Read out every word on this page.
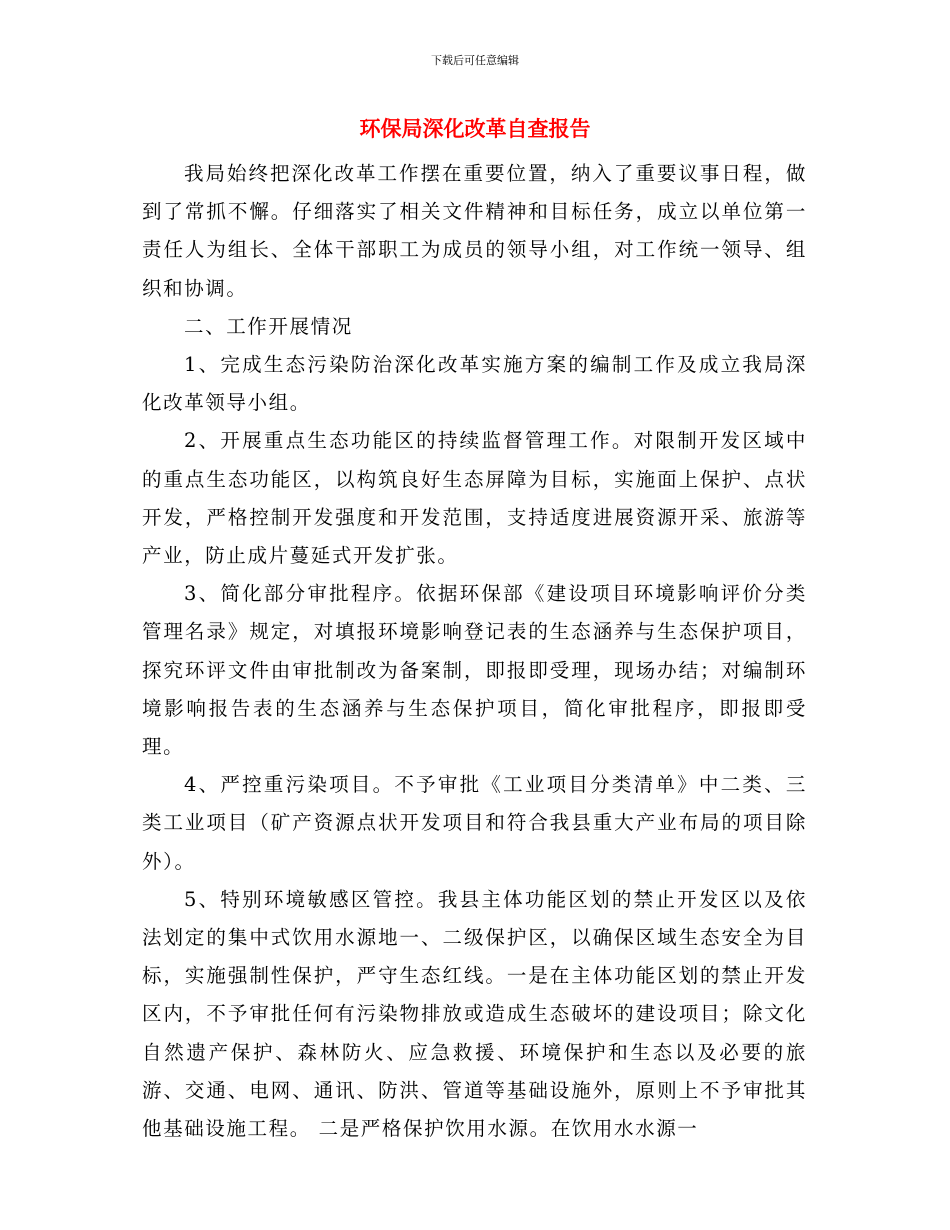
下载后可任意编辑
环保局深化改革自查报告

我局始终把深化改革工作摆在重要位置，纳入了重要议事日程，做到了常抓不懈。仔细落实了相关文件精神和目标任务，成立以单位第一责任人为组长、全体干部职工为成员的领导小组，对工作统一领导、组织和协调。

二、工作开展情况

1、完成生态污染防治深化改革实施方案的编制工作及成立我局深化改革领导小组。

2、开展重点生态功能区的持续监督管理工作。对限制开发区域中的重点生态功能区，以构筑良好生态屏障为目标，实施面上保护、点状开发，严格控制开发强度和开发范围，支持适度进展资源开采、旅游等产业，防止成片蔓延式开发扩张。

3、简化部分审批程序。依据环保部《建设项目环境影响评价分类管理名录》规定，对填报环境影响登记表的生态涵养与生态保护项目，探究环评文件由审批制改为备案制，即报即受理，现场办结；对编制环境影响报告表的生态涵养与生态保护项目，简化审批程序，即报即受理。

4、严控重污染项目。不予审批《工业项目分类清单》中二类、三类工业项目（矿产资源点状开发项目和符合我县重大产业布局的项目除外）。

5、特别环境敏感区管控。我县主体功能区划的禁止开发区以及依法划定的集中式饮用水源地一、二级保护区，以确保区域生态安全为目标，实施强制性保护，严守生态红线。一是在主体功能区划的禁止开发区内，不予审批任何有污染物排放或造成生态破坏的建设项目；除文化自然遗产保护、森林防火、应急救援、环境保护和生态以及必要的旅游、交通、电网、通讯、防洪、管道等基础设施外，原则上不予审批其他基础设施工程。 二是严格保护饮用水源。在饮用水水源一
